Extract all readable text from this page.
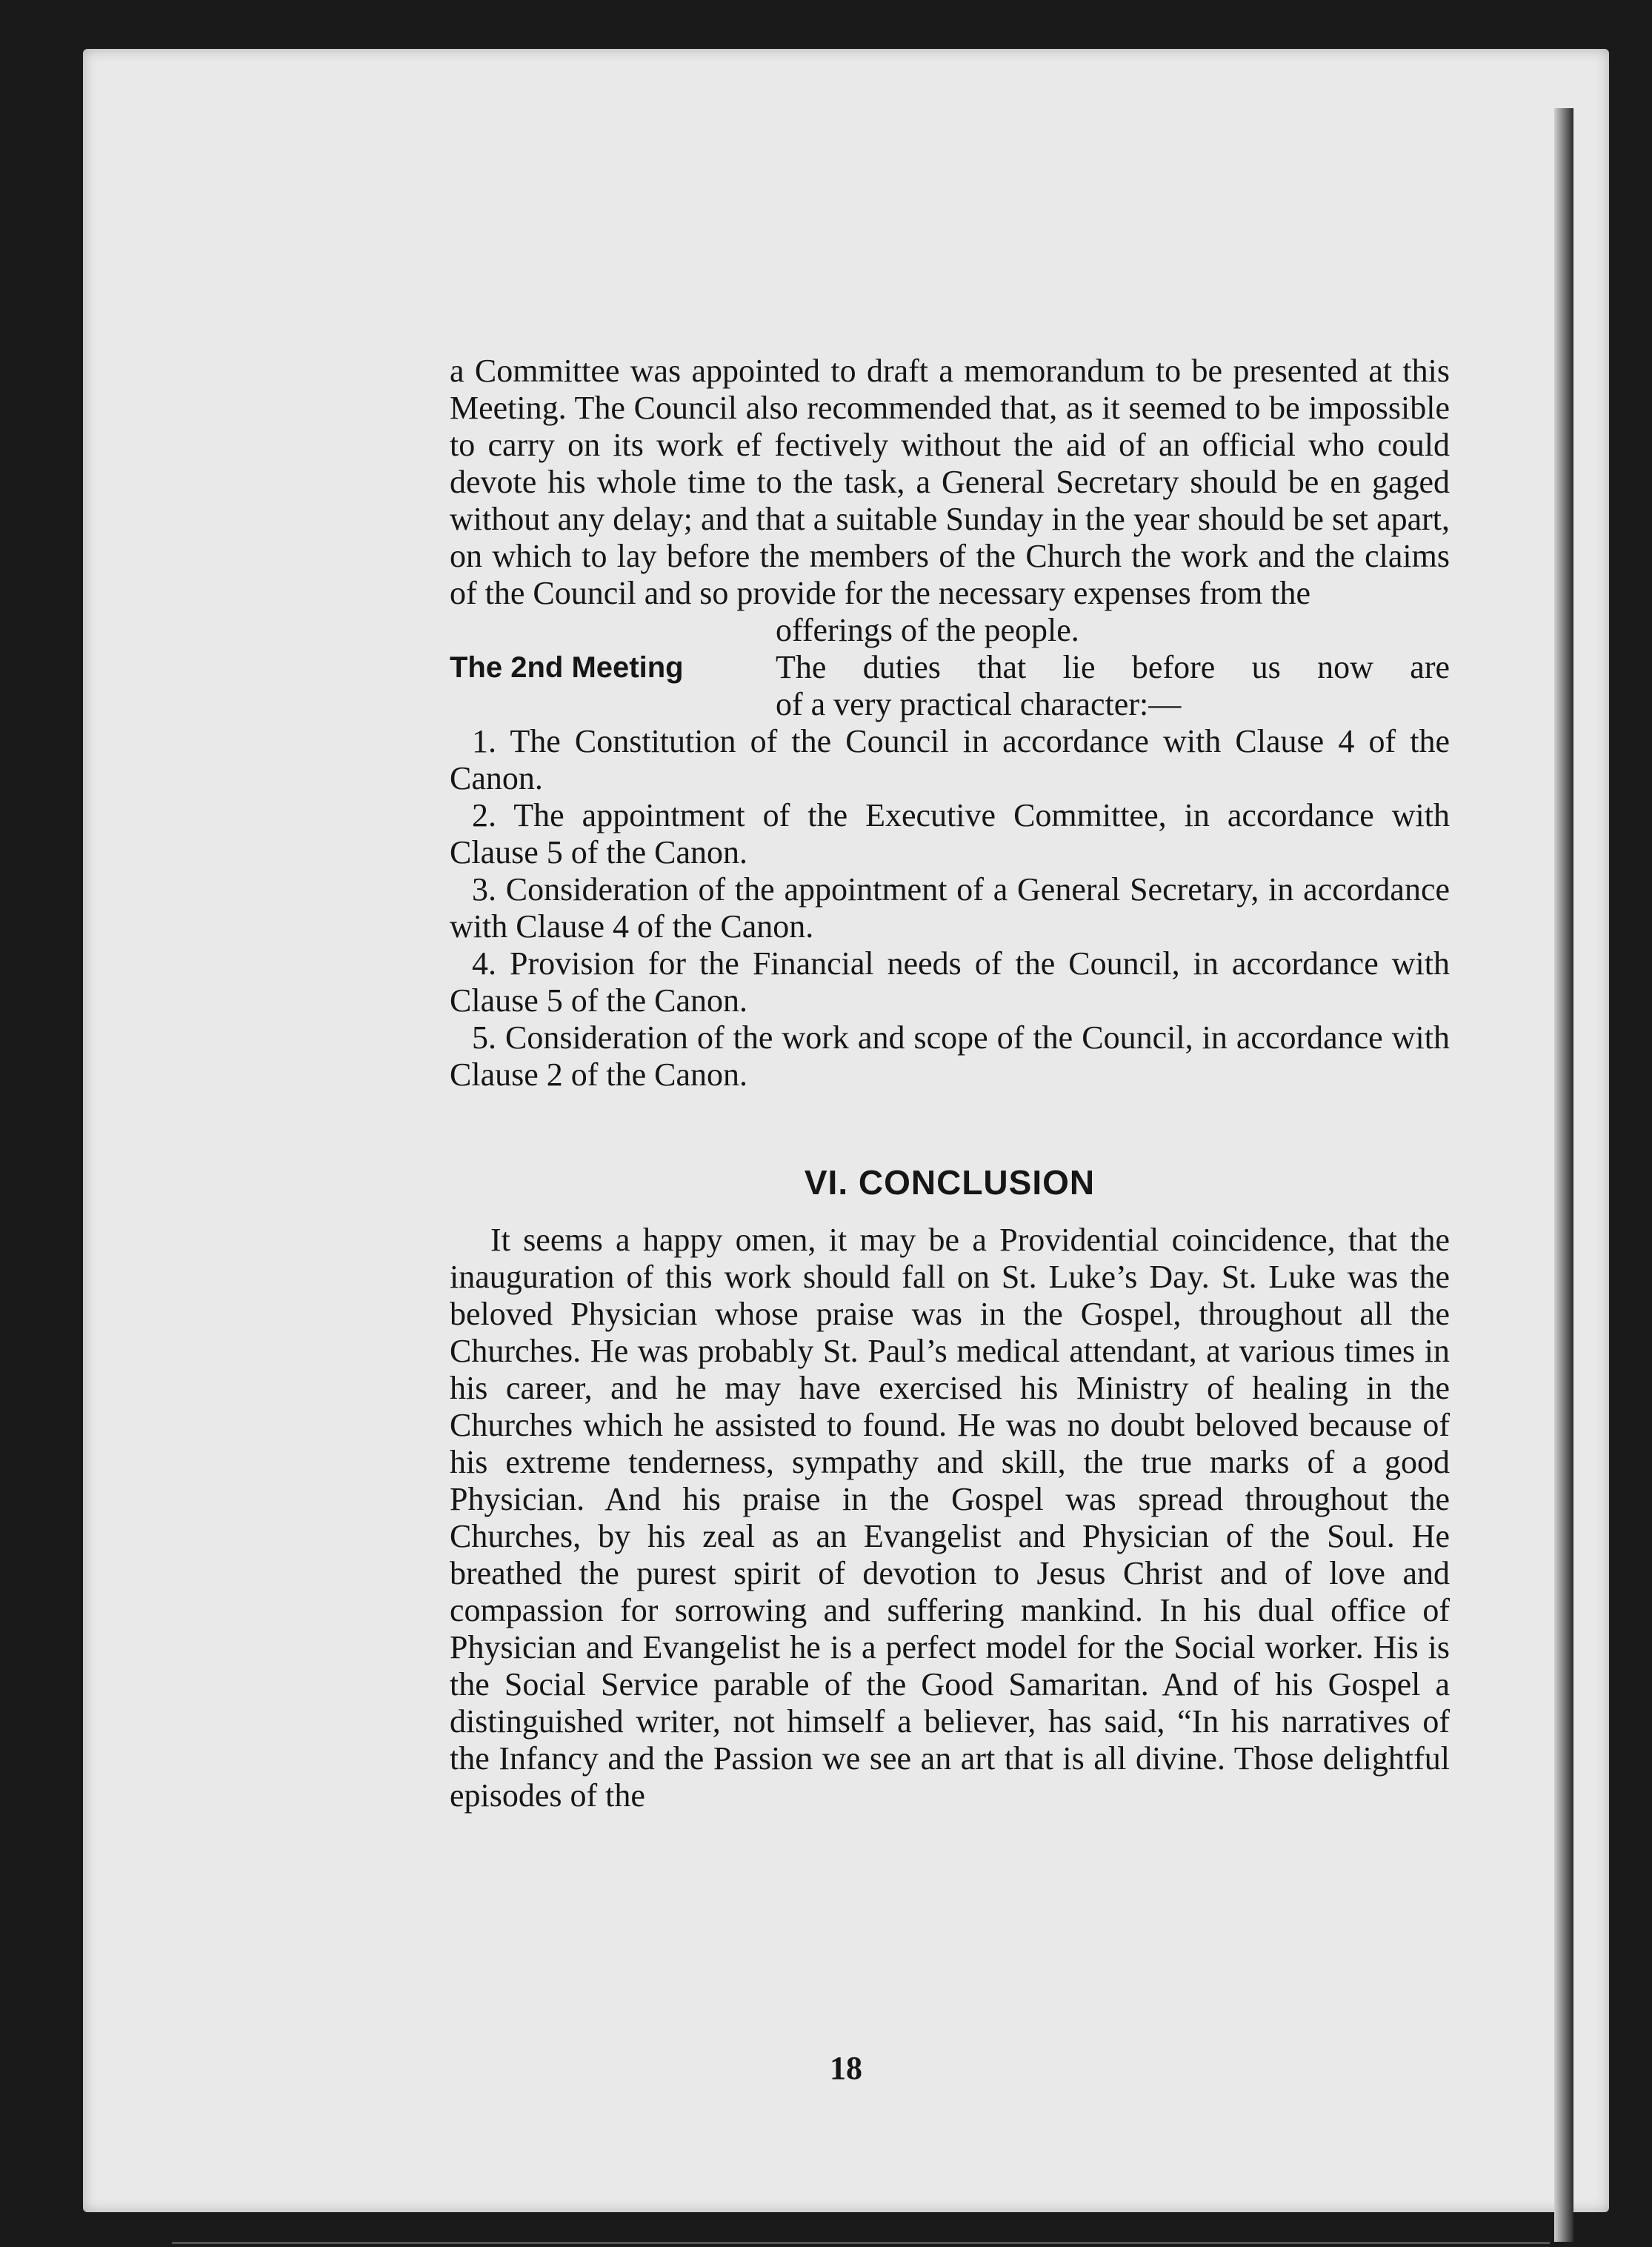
a Committee was appointed to draft a memorandum to be presented at this Meeting. The Council also recommended that, as it seemed to be impossible to carry on its work ef fectively without the aid of an official who could devote his whole time to the task, a General Secretary should be en gaged without any delay; and that a suitable Sunday in the year should be set apart, on which to lay before the members of the Church the work and the claims of the Council and so provide for the necessary expenses from the

offerings of the people.

The 2nd Meeting	The duties that lie before us now are

of a very practical character:—

1. The Constitution of the Council in accordance with Clause 4 of the Canon.

2. The appointment of the Executive Committee, in accordance with Clause 5 of the Canon.

3. Consideration of the appointment of a General Secretary, in accordance with Clause 4 of the Canon.

4. Provision for the Financial needs of the Council, in accordance with Clause 5 of the Canon.

5. Consideration of the work and scope of the Council, in accordance with Clause 2 of the Canon.

VI. CONCLUSION

It seems a happy omen, it may be a Providential coincidence, that the inauguration of this work should fall on St. Luke’s Day. St. Luke was the beloved Physician whose praise was in the Gospel, throughout all the Churches. He was probably St. Paul’s medical attendant, at various times in his career, and he may have exercised his Ministry of healing in the Churches which he assisted to found. He was no doubt beloved because of his extreme tenderness, sympathy and skill, the true marks of a good Physician. And his praise in the Gospel was spread throughout the Churches, by his zeal as an Evangelist and Physician of the Soul. He breathed the purest spirit of devotion to Jesus Christ and of love and compassion for sorrowing and suffering mankind. In his dual office of Physician and Evangelist he is a perfect model for the Social worker. His is the Social Service parable of the Good Samaritan. And of his Gospel a distinguished writer, not himself a believer, has said, “In his narratives of the Infancy and the Passion we see an art that is all divine. Those delightful episodes of the

18
